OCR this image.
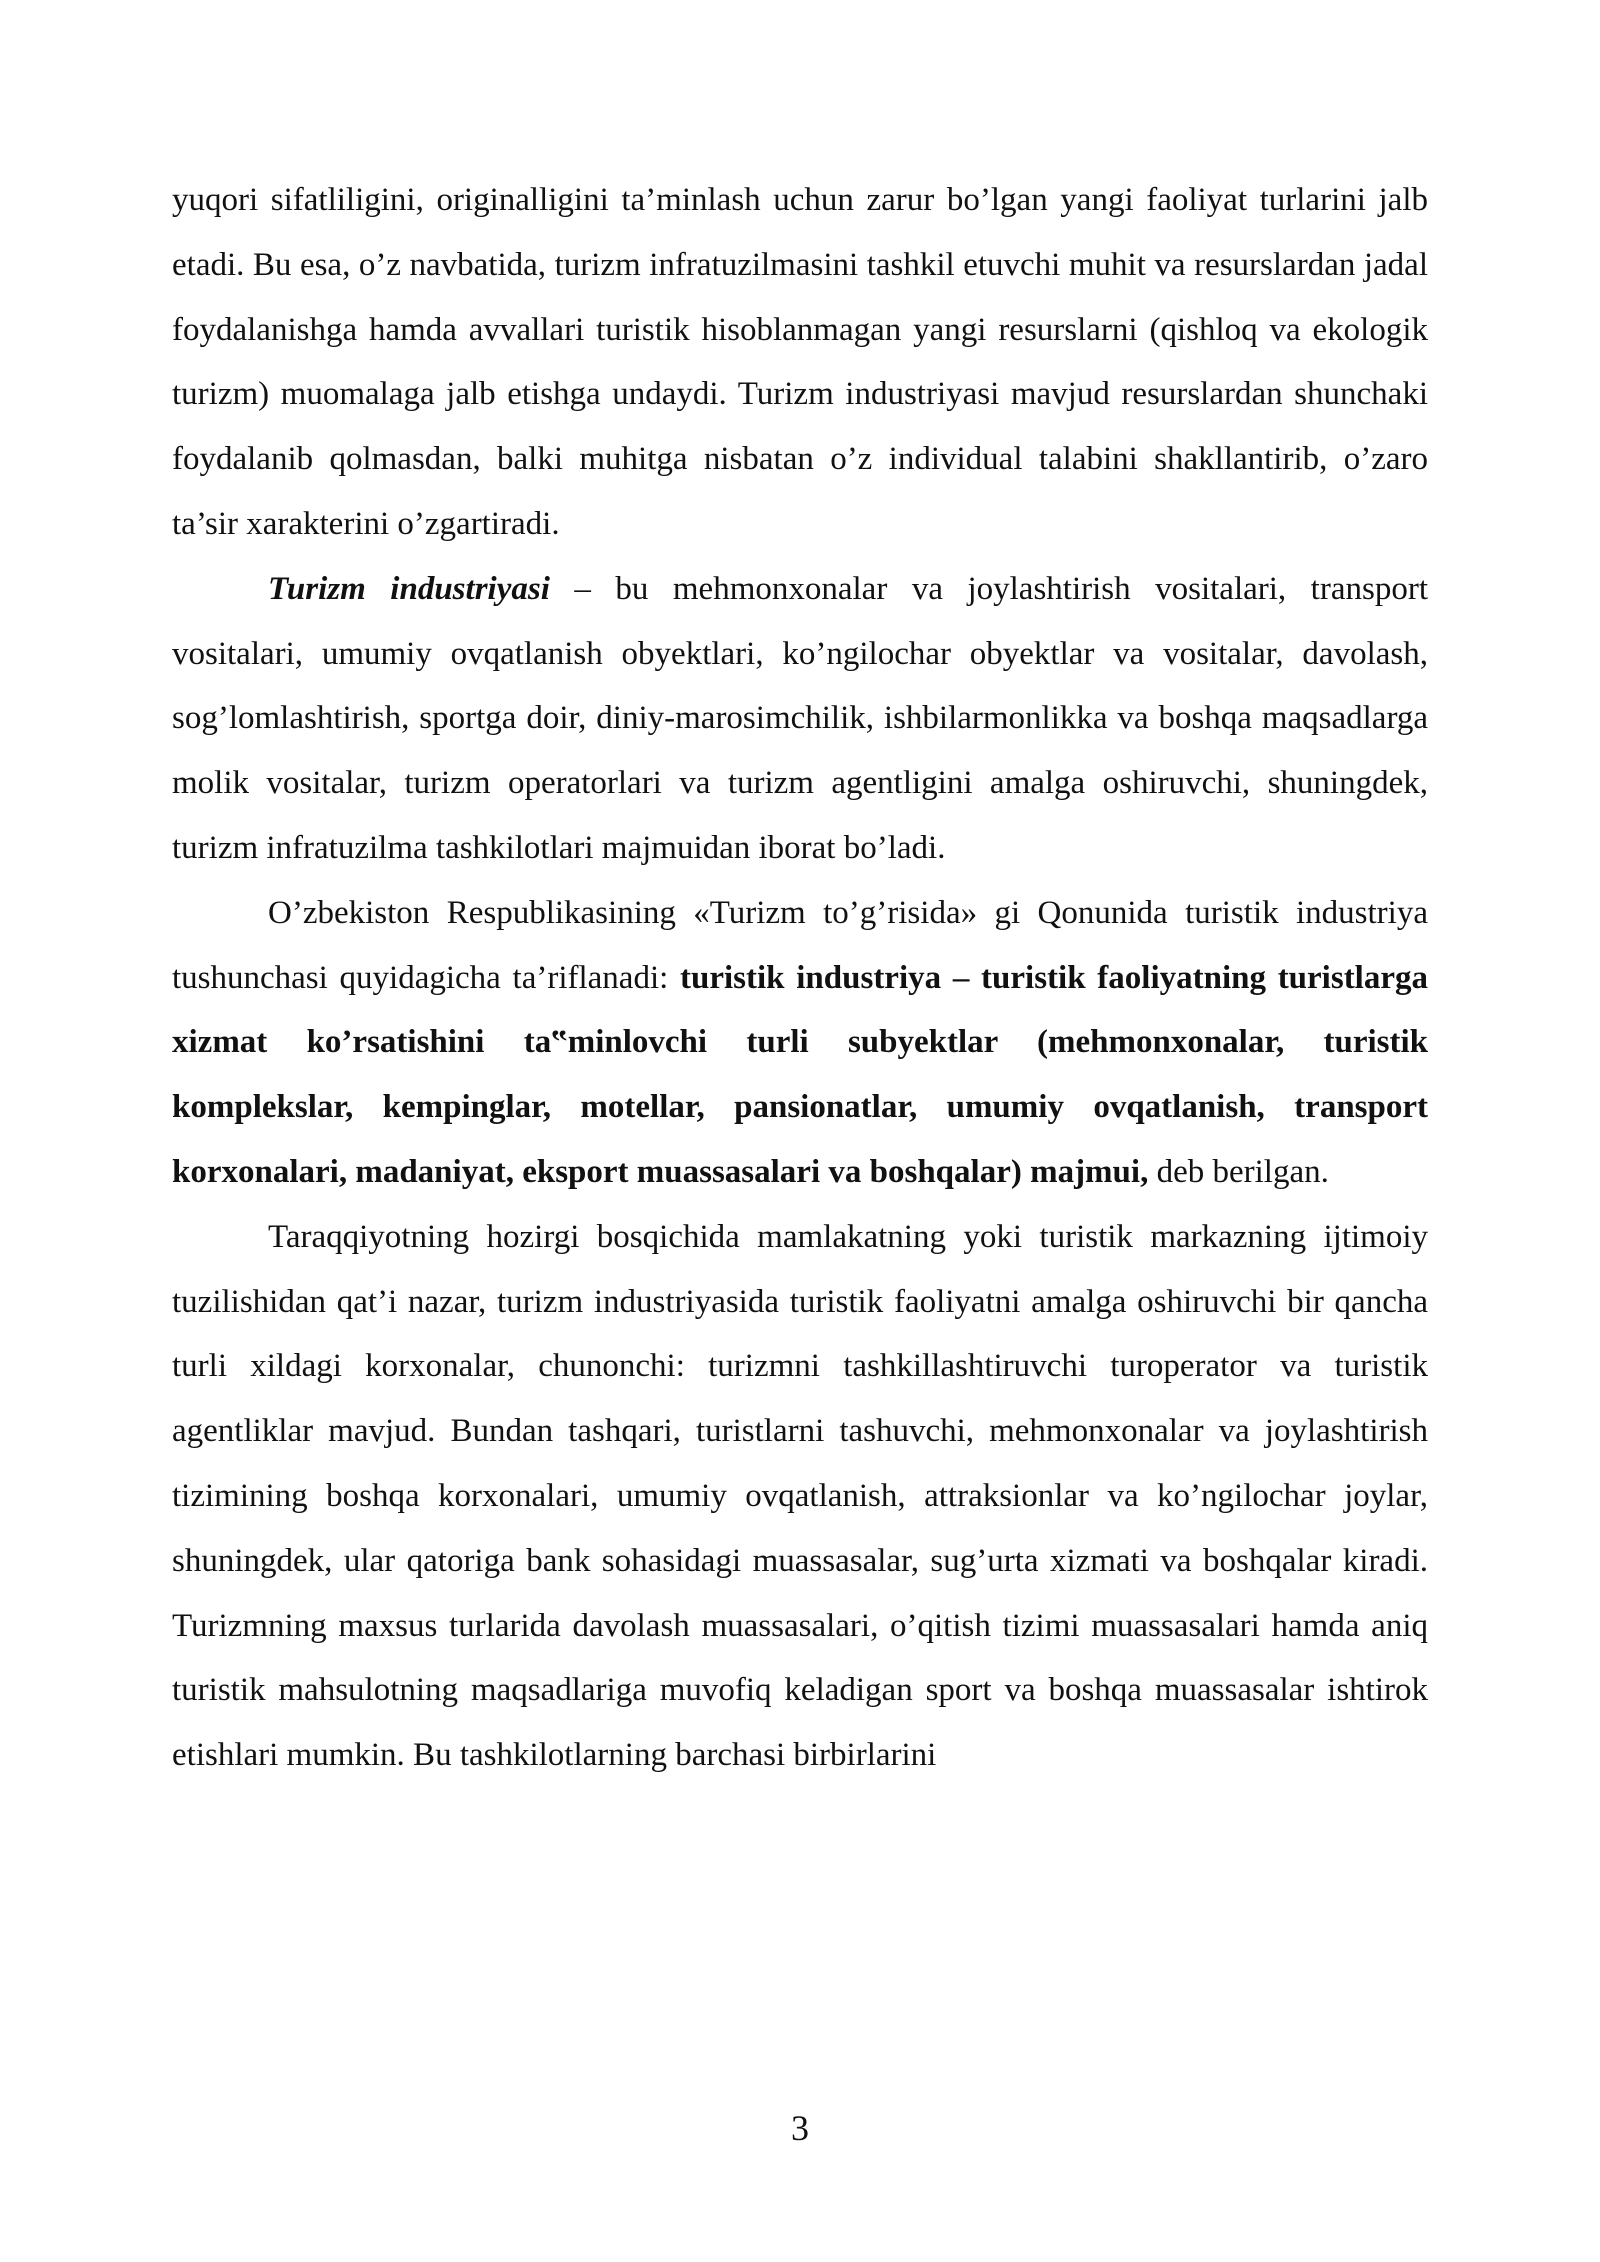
yuqori sifatliligini, originalligini ta’minlash uchun zarur bo’lgan yangi faoliyat turlarini jalb etadi. Bu esa, o’z navbatida, turizm infratuzilmasini tashkil etuvchi muhit va resurslardan jadal foydalanishga hamda avvallari turistik hisoblanmagan yangi resurslarni (qishloq va ekologik turizm) muomalaga jalb etishga undaydi. Turizm industriyasi mavjud resurslardan shunchaki foydalanib qolmasdan, balki muhitga nisbatan o’z individual talabini shakllantirib, o’zaro ta’sir xarakterini o’zgartiradi.

Turizm industriyasi – bu mehmonxonalar va joylashtirish vositalari, transport vositalari, umumiy ovqatlanish obyektlari, ko’ngilochar obyektlar va vositalar, davolash, sog’lomlashtirish, sportga doir, diniy-marosimchilik, ishbilarmonlikka va boshqa maqsadlarga molik vositalar, turizm operatorlari va turizm agentligini amalga oshiruvchi, shuningdek, turizm infratuzilma tashkilotlari majmuidan iborat bo’ladi.

O’zbekiston Respublikasining «Turizm to’g’risida» gi Qonunida turistik industriya tushunchasi quyidagicha ta’riflanadi: turistik industriya – turistik faoliyatning turistlarga xizmat ko’rsatishini ta‟minlovchi turli subyektlar (mehmonxonalar, turistik komplekslar, kempinglar, motellar, pansionatlar, umumiy ovqatlanish, transport korxonalari, madaniyat, eksport muassasalari va boshqalar) majmui, deb berilgan.

Taraqqiyotning hozirgi bosqichida mamlakatning yoki turistik markazning ijtimoiy tuzilishidan qat’i nazar, turizm industriyasida turistik faoliyatni amalga oshiruvchi bir qancha turli xildagi korxonalar, chunonchi: turizmni tashkillashtiruvchi turoperator va turistik agentliklar mavjud. Bundan tashqari, turistlarni tashuvchi, mehmonxonalar va joylashtirish tizimining boshqa korxonalari, umumiy ovqatlanish, attraksionlar va ko’ngilochar joylar, shuningdek, ular qatoriga bank sohasidagi muassasalar, sug’urta xizmati va boshqalar kiradi. Turizmning maxsus turlarida davolash muassasalari, o’qitish tizimi muassasalari hamda aniq turistik mahsulotning maqsadlariga muvofiq keladigan sport va boshqa muassasalar ishtirok etishlari mumkin. Bu tashkilotlarning barchasi birbirlarini

3
